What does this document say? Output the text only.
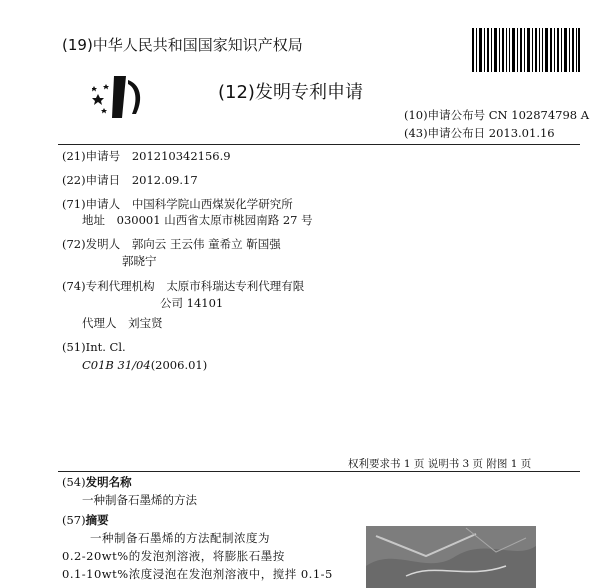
(19)中华人民共和国国家知识产权局
(12)发明专利申请
(10)申请公布号 CN 102874798 A
(43)申请公布日 2013.01.16
(21) 申请号 201210342156.9
(22) 申请日 2012.09.17
(71) 申请人 中国科学院山西煤炭化学研究所
地址 030001 山西省太原市桃园南路 27 号
(72) 发明人 郭向云 王云伟 童希立 靳国强
郭晓宁
(74) 专利代理机构 太原市科瑞达专利代理有限
公司 14101
代理人 刘宝贤
(51) Int. Cl.
C01B 31/04(2006.01)
权利要求书 1 页 说明书 3 页 附图 1 页
(54) 发明名称
一种制备石墨烯的方法
(57) 摘要
一种制备石墨烯的方法配制浓度为
0.2-20wt%的发泡剂溶液，将膨胀石墨按
0.1-10wt%浓度浸泡在发泡剂溶液中，搅拌 0.1-5
